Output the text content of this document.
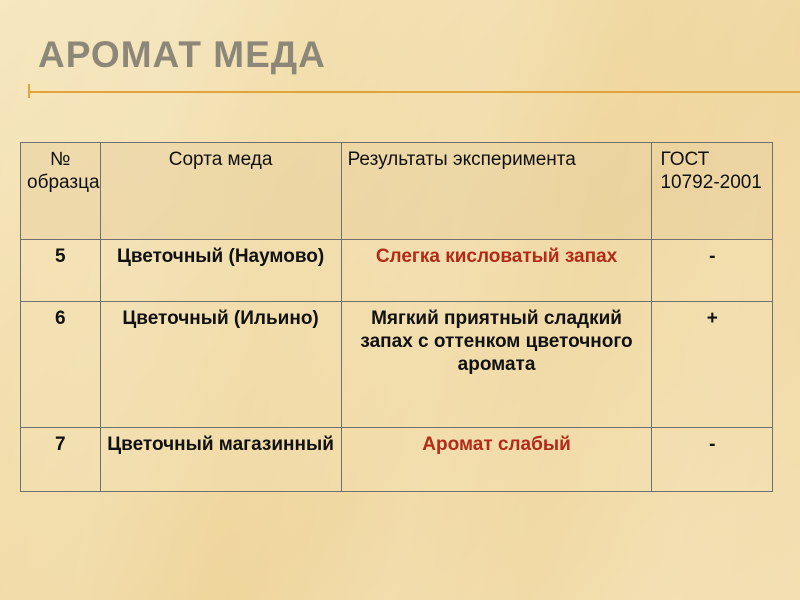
АРОМАТ МЕДА
№ образца	Сорта меда	Результаты эксперимента	ГОСТ 10792-2001
5	Цветочный (Наумово)	Слегка кисловатый запах	-
6	Цветочный (Ильино)	Мягкий приятный сладкий запах с оттенком цветочного аромата	+
7	Цветочный магазинный	Аромат слабый	-
